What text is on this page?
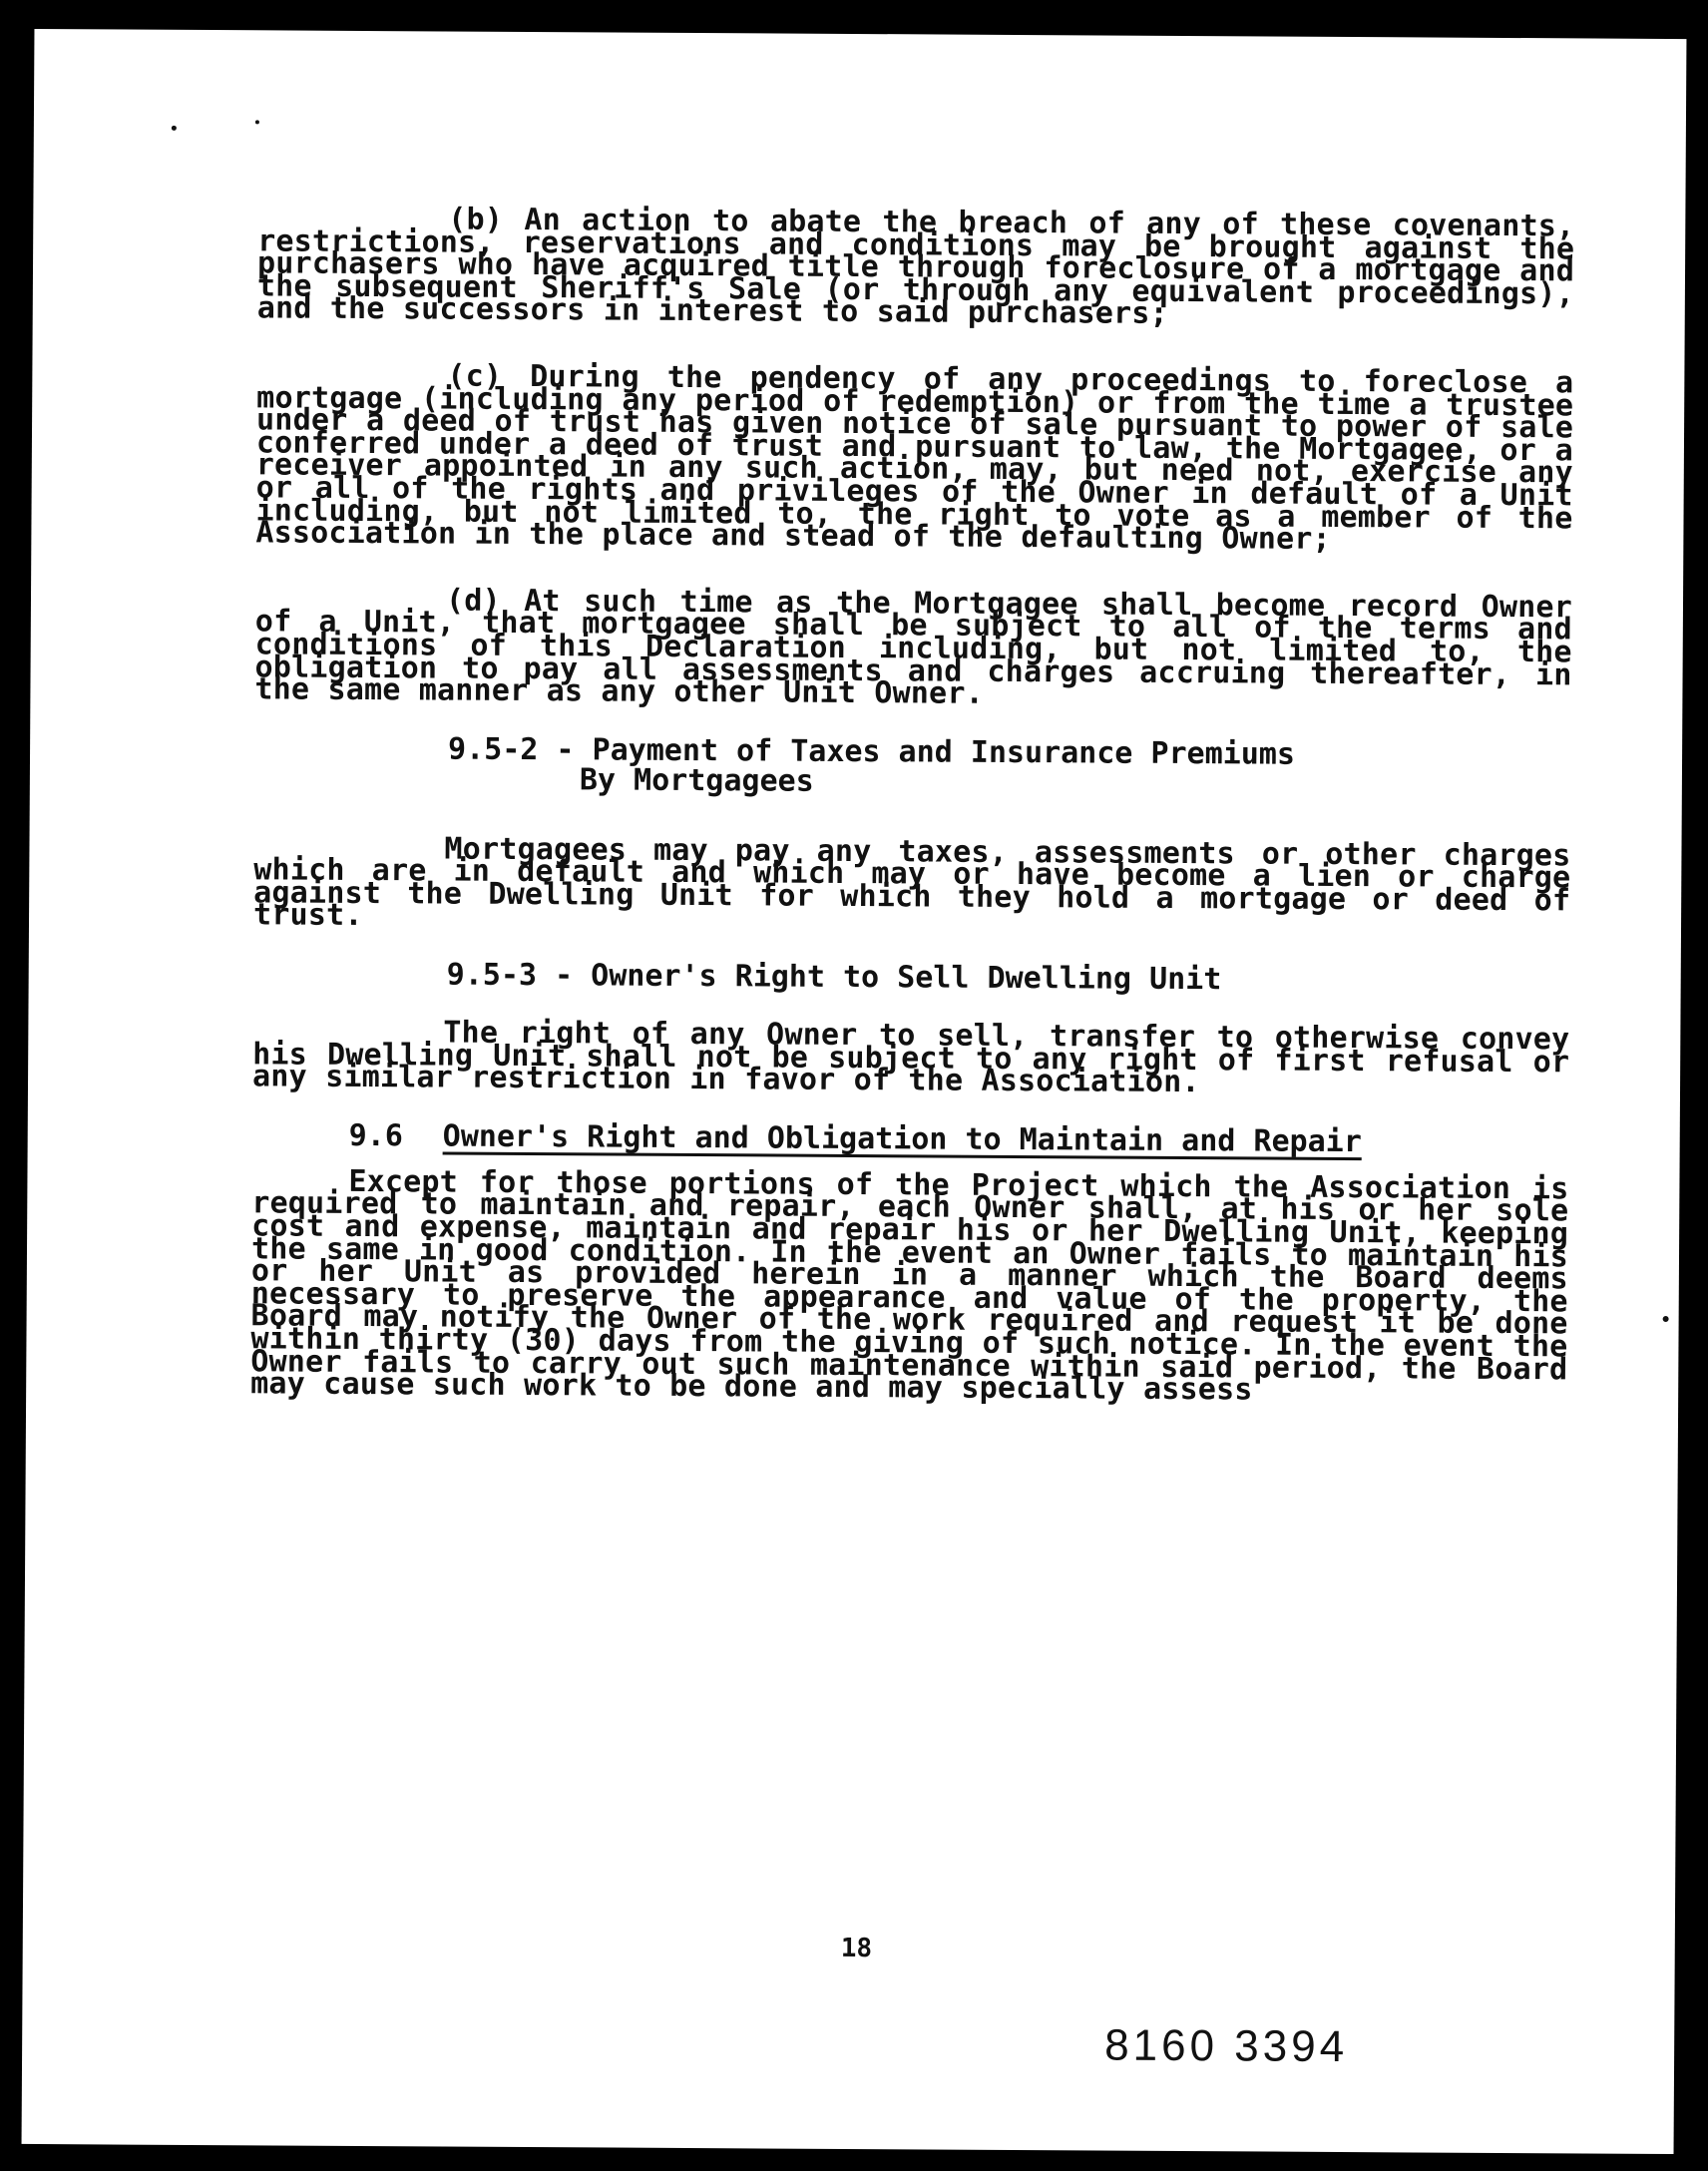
(b) An action to abate the breach of any of these covenants, restrictions, reservations and conditions may be brought against the purchasers who have acquired title through foreclosure of a mortgage and the subsequent Sheriff's Sale (or through any equivalent proceedings), and the successors in interest to said purchasers;

(c) During the pendency of any proceedings to foreclose a mortgage (including any period of redemption) or from the time a trustee under a deed of trust has given notice of sale pursuant to power of sale conferred under a deed of trust and pursuant to law, the Mortgagee, or a receiver appointed in any such action, may, but need not, exercise any or all of the rights and privileges of the Owner in default of a Unit including, but not limited to, the right to vote as a member of the Association in the place and stead of the defaulting Owner;

(d) At such time as the Mortgagee shall become record Owner of a Unit, that mortgagee shall be subject to all of the terms and conditions of this Declaration including, but not limited to, the obligation to pay all assessments and charges accruing thereafter, in the same manner as any other Unit Owner.

9.5-2 - Payment of Taxes and Insurance Premiums
By Mortgagees

Mortgagees may pay any taxes, assessments or other charges which are in default and which may or have become a lien or charge against the Dwelling Unit for which they hold a mortgage or deed of trust.

9.5-3 - Owner's Right to Sell Dwelling Unit

The right of any Owner to sell, transfer to otherwise convey his Dwelling Unit shall not be subject to any right of first refusal or any similar restriction in favor of the Association.

9.6 Owner's Right and Obligation to Maintain and Repair

Except for those portions of the Project which the Association is required to maintain and repair, each Owner shall, at his or her sole cost and expense, maintain and repair his or her Dwelling Unit, keeping the same in good condition. In the event an Owner fails to maintain his or her Unit as provided herein in a manner which the Board deems necessary to preserve the appearance and value of the property, the Board may notify the Owner of the work required and request it be done within thirty (30) days from the giving of such notice. In the event the Owner fails to carry out such maintenance within said period, the Board may cause such work to be done and may specially assess

18
8160 3394
